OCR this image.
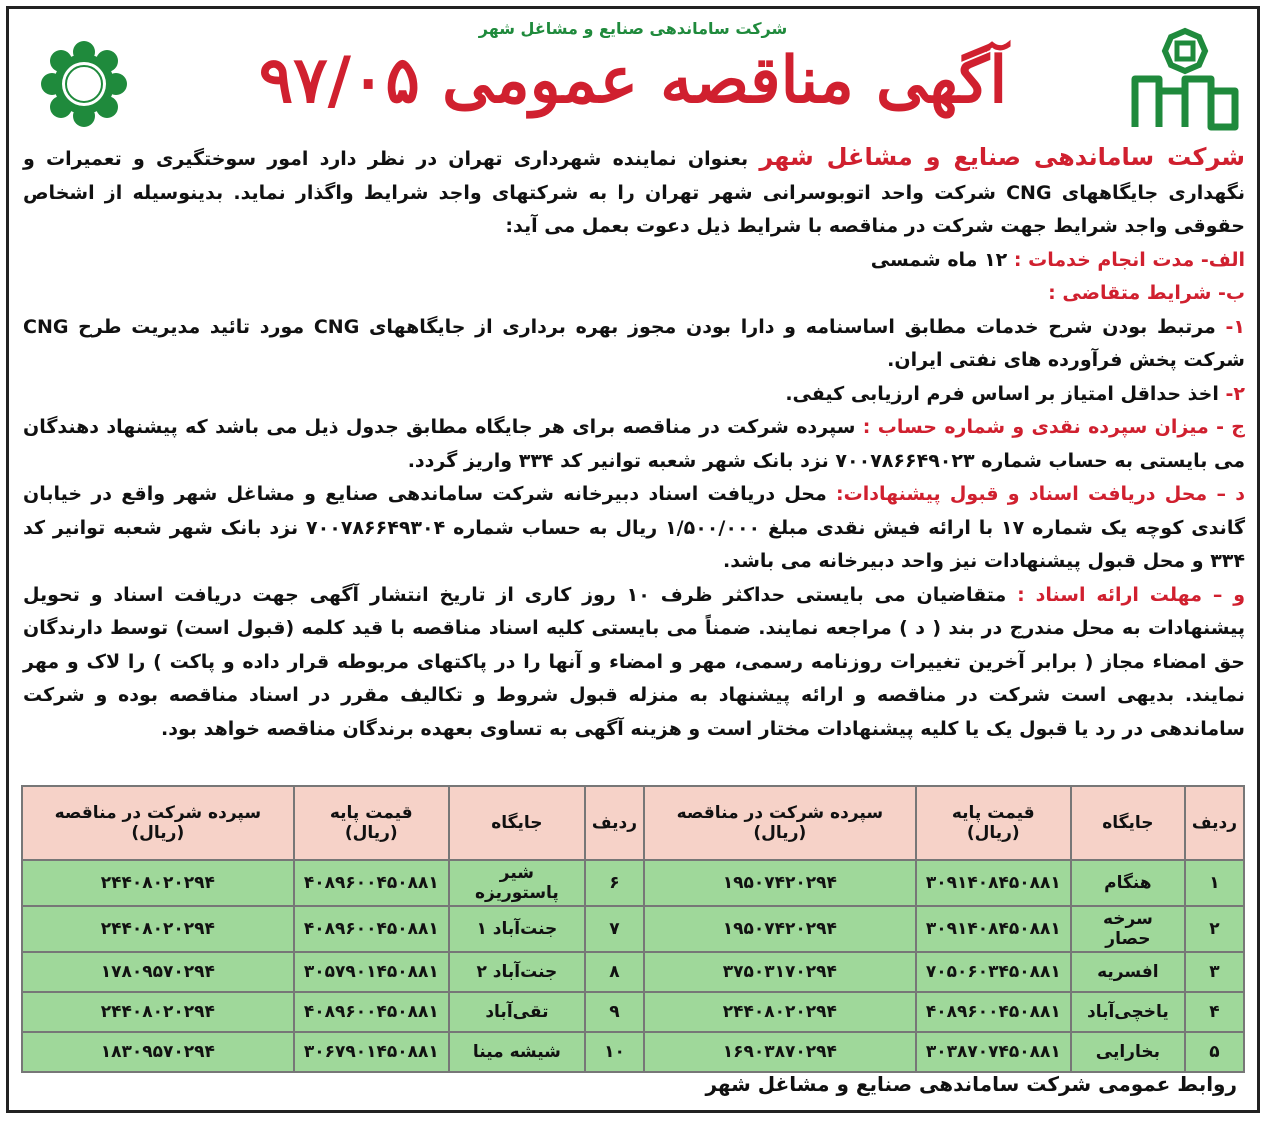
شرکت ساماندهی صنایع و مشاغل شهر
آگهی مناقصه عمومی ۹۷/۰۵

شرکت ساماندهی صنایع و مشاغل شهر بعنوان نماینده شهرداری تهران در نظر دارد امور سوختگیری و تعمیرات و نگهداری جایگاههای CNG شرکت واحد اتوبوسرانی شهر تهران را به شرکتهای واجد شرایط واگذار نماید. بدینوسیله از اشخاص حقوقی واجد شرایط جهت شرکت در مناقصه با شرایط ذیل دعوت بعمل می آید:

الف- مدت انجام خدمات : ۱۲ ماه شمسی

ب- شرایط متقاضی :

۱- مرتبط بودن شرح خدمات مطابق اساسنامه و دارا بودن مجوز بهره برداری از جایگاههای CNG مورد تائید مدیریت طرح CNG شرکت پخش فرآورده های نفتی ایران.

۲- اخذ حداقل امتیاز بر اساس فرم ارزیابی کیفی.

ج - میزان سپرده نقدی و شماره حساب : سپرده شرکت در مناقصه برای هر جایگاه مطابق جدول ذیل می باشد که پیشنهاد دهندگان می بایستی به حساب شماره ۷۰۰۷۸۶۶۴۹۰۲۳ نزد بانک شهر شعبه توانیر کد ۳۳۴ واریز گردد.

د – محل دریافت اسناد و قبول پیشنهادات: محل دریافت اسناد دبیرخانه شرکت ساماندهی صنایع و مشاغل شهر واقع در خیابان گاندی کوچه یک شماره ۱۷ با ارائه فیش نقدی مبلغ ۱/۵۰۰/۰۰۰ ریال به حساب شماره ۷۰۰۷۸۶۶۴۹۳۰۴ نزد بانک شهر شعبه توانیر کد ۳۳۴ و محل قبول پیشنهادات نیز واحد دبیرخانه می باشد.

و – مهلت ارائه اسناد : متقاضیان می بایستی حداکثر ظرف ۱۰ روز کاری از تاریخ انتشار آگهی جهت دریافت اسناد و تحویل پیشنهادات به محل مندرج در بند ( د ) مراجعه نمایند. ضمناً می بایستی کلیه اسناد مناقصه با قید کلمه (قبول است) توسط دارندگان حق امضاء مجاز ( برابر آخرین تغییرات روزنامه رسمی، مهر و امضاء و آنها را در پاکتهای مربوطه قرار داده و پاکت ) را لاک و مهر نمایند. بدیهی است شرکت در مناقصه و ارائه پیشنهاد به منزله قبول شروط و تکالیف مقرر در اسناد مناقصه بوده و شرکت ساماندهی در رد یا قبول یک یا کلیه پیشنهادات مختار است و هزینه آگهی به تساوی بعهده برندگان مناقصه خواهد بود.

ردیف	جایگاه	قیمت پایه (ریال)	سپرده شرکت در مناقصه (ریال)	ردیف	جایگاه	قیمت پایه (ریال)	سپرده شرکت در مناقصه (ریال)
۱	هنگام	۳۰۹۱۴۰۸۴۵۰۸۸۱	۱۹۵۰۷۴۲۰۲۹۴	۶	شیر پاستوریزه	۴۰۸۹۶۰۰۴۵۰۸۸۱	۲۴۴۰۸۰۲۰۲۹۴
۲	سرخه حصار	۳۰۹۱۴۰۸۴۵۰۸۸۱	۱۹۵۰۷۴۲۰۲۹۴	۷	جنت‌آباد ۱	۴۰۸۹۶۰۰۴۵۰۸۸۱	۲۴۴۰۸۰۲۰۲۹۴
۳	افسریه	۷۰۵۰۶۰۳۴۵۰۸۸۱	۳۷۵۰۳۱۷۰۲۹۴	۸	جنت‌آباد ۲	۳۰۵۷۹۰۱۴۵۰۸۸۱	۱۷۸۰۹۵۷۰۲۹۴
۴	یاخچی‌آباد	۴۰۸۹۶۰۰۴۵۰۸۸۱	۲۴۴۰۸۰۲۰۲۹۴	۹	تقی‌آباد	۴۰۸۹۶۰۰۴۵۰۸۸۱	۲۴۴۰۸۰۲۰۲۹۴
۵	بخارایی	۳۰۳۸۷۰۷۴۵۰۸۸۱	۱۶۹۰۳۸۷۰۲۹۴	۱۰	شیشه مینا	۳۰۶۷۹۰۱۴۵۰۸۸۱	۱۸۳۰۹۵۷۰۲۹۴
روابط عمومی شرکت ساماندهی صنایع و مشاغل شهر
